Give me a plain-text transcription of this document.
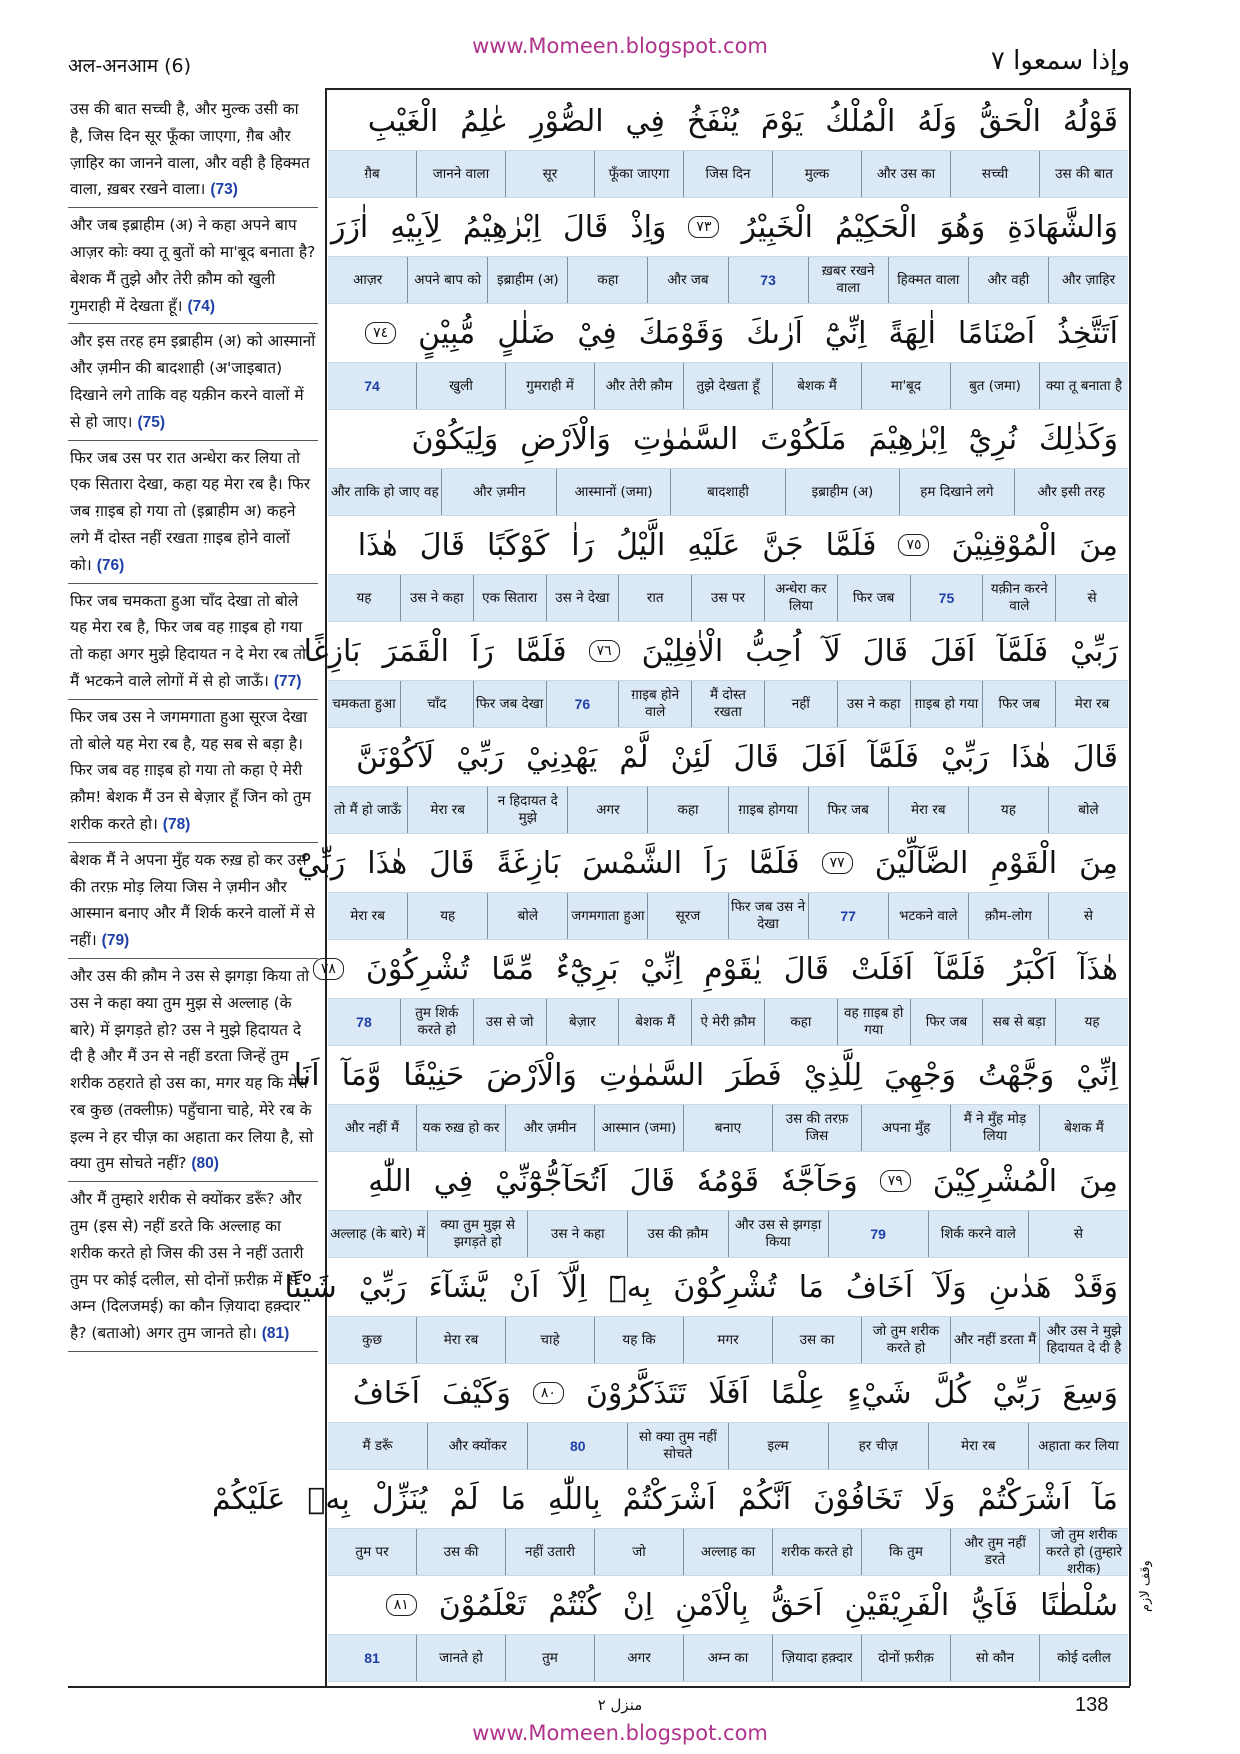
अल-अनआम (6)
www.Momeen.blogspot.com	وإذا سمعوا ٧
उस की बात सच्ची है, और मुल्क उसी का है, जिस दिन सूर फूँका जाएगा, ग़ैब और ज़ाहिर का जानने वाला, और वही है हिक्मत वाला, ख़बर रखने वाला। (73)
और जब इब्राहीम (अ) ने कहा अपने बाप आज़र कोः क्या तू बुतों को मा'बूद बनाता है? बेशक मैं तुझे और तेरी क़ौम को खुली गुमराही में देखता हूँ। (74)
और इस तरह हम इब्राहीम (अ) को आस्मानों और ज़मीन की बादशाही (अ'जाइबात) दिखाने लगे ताकि वह यक़ीन करने वालों में से हो जाए। (75)
फिर जब उस पर रात अन्धेरा कर लिया तो एक सितारा देखा, कहा यह मेरा रब है। फिर जब ग़ाइब हो गया तो (इब्राहीम अ) कहने लगे मैं दोस्त नहीं रखता ग़ाइब होने वालों को। (76)
फिर जब चमकता हुआ चाँद देखा तो बोले यह मेरा रब है, फिर जब वह ग़ाइब हो गया तो कहा अगर मुझे हिदायत न दे मेरा रब तो मैं भटकने वाले लोगों में से हो जाऊँ। (77)
फिर जब उस ने जगमगाता हुआ सूरज देखा तो बोले यह मेरा रब है, यह सब से बड़ा है। फिर जब वह ग़ाइब हो गया तो कहा ऐ मेरी क़ौम! बेशक मैं उन से बेज़ार हूँ जिन को तुम शरीक करते हो। (78)
बेशक मैं ने अपना मुँह यक रुख़ हो कर उस की तरफ़ मोड़ लिया जिस ने ज़मीन और आस्मान बनाए और मैं शिर्क करने वालों में से नहीं। (79)
और उस की क़ौम ने उस से झगड़ा किया तो उस ने कहा क्या तुम मुझ से अल्लाह (के बारे) में झगड़ते हो? उस ने मुझे हिदायत दे दी है और मैं उन से नहीं डरता जिन्हें तुम शरीक ठहराते हो उस का, मगर यह कि मेरा रब कुछ (तक्लीफ़) पहुँचाना चाहे, मेरे रब के इल्म ने हर चीज़ का अहाता कर लिया है, सो क्या तुम सोचते नहीं? (80)
और मैं तुम्हारे शरीक से क्योंकर डरूँ? और तुम (इस से) नहीं डरते कि अल्लाह का शरीक करते हो जिस की उस ने नहीं उतारी तुम पर कोई दलील, सो दोनों फ़रीक़ में से अम्न (दिलजमई) का कौन ज़ियादा हक़्दार है? (बताओ) अगर तुम जानते हो। (81)
قَوْلُهُ
الْحَقُّ
وَلَهُ
الْمُلْكُ
يَوْمَ
يُنْفَخُ
فِي
الصُّوْرِ
عٰلِمُ
الْغَيْبِ
उस की बात
सच्ची
और उस का
मुल्क
जिस दिन
फूँका जाएगा
सूर
जानने वाला
ग़ैब
وَالشَّهَادَةِ
وَهُوَ
الْحَكِيْمُ
الْخَبِيْرُ
٧٣
وَاِذْ
قَالَ
اِبْرٰهِيْمُ
لِاَبِيْهِ
اٰزَرَ
और ज़ाहिर
और वही
हिक्मत वाला
ख़बर रखने वाला
73
और जब
कहा
इब्राहीम (अ)
अपने बाप को
आज़र
اَتَتَّخِذُ
اَصْنَامًا
اٰلِهَةً
اِنِّيْٓ
اَرٰىكَ
وَقَوْمَكَ
فِيْ
ضَلٰلٍ
مُّبِيْنٍ
٧٤
क्या तू बनाता है
बुत (जमा)
मा'बूद
बेशक मैं
तुझे देखता हूँ
और तेरी क़ौम
गुमराही में
खुली
74
وَكَذٰلِكَ
نُرِيْٓ
اِبْرٰهِيْمَ
مَلَكُوْتَ
السَّمٰوٰتِ
وَالْاَرْضِ
وَلِيَكُوْنَ
और इसी तरह
हम दिखाने लगे
इब्राहीम (अ)
बादशाही
आस्मानों (जमा)
और ज़मीन
और ताकि हो जाए वह
مِنَ
الْمُوْقِنِيْنَ
٧٥
فَلَمَّا
جَنَّ
عَلَيْهِ
الَّيْلُ
رَاٰ
كَوْكَبًا
قَالَ
هٰذَا
से
यक़ीन करने वाले
75
फिर जब
अन्धेरा कर लिया
उस पर
रात
उस ने देखा
एक सितारा
उस ने कहा
यह
رَبِّيْ
فَلَمَّآ
اَفَلَ
قَالَ
لَآ
اُحِبُّ
الْاٰفِلِيْنَ
٧٦
فَلَمَّا
رَاَ
الْقَمَرَ
بَازِغًا
मेरा रब
फिर जब
ग़ाइब हो गया
उस ने कहा
नहीं
मैं दोस्त रखता
ग़ाइब होने वाले
76
फिर जब देखा
चाँद
चमकता हुआ
قَالَ
هٰذَا
رَبِّيْ
فَلَمَّآ
اَفَلَ
قَالَ
لَئِنْ
لَّمْ
يَهْدِنِيْ
رَبِّيْ
لَاَكُوْنَنَّ
बोले
यह
मेरा रब
फिर जब
ग़ाइब होगया
कहा
अगर
न हिदायत दे मुझे
मेरा रब
तो मैं हो जाऊँ
مِنَ
الْقَوْمِ
الضَّآلِّيْنَ
٧٧
فَلَمَّا
رَاَ
الشَّمْسَ
بَازِغَةً
قَالَ
هٰذَا
رَبِّيْ
से
क़ौम-लोग
भटकने वाले
77
फिर जब उस ने देखा
सूरज
जगमगाता हुआ
बोले
यह
मेरा रब
هٰذَآ
اَكْبَرُ
فَلَمَّآ
اَفَلَتْ
قَالَ
يٰقَوْمِ
اِنِّيْ
بَرِيْٓءٌ
مِّمَّا
تُشْرِكُوْنَ
٧٨
यह
सब से बड़ा
फिर जब
वह ग़ाइब हो गया
कहा
ऐ मेरी क़ौम
बेशक मैं
बेज़ार
उस से जो
तुम शिर्क करते हो
78
اِنِّيْ
وَجَّهْتُ
وَجْهِيَ
لِلَّذِيْ
فَطَرَ
السَّمٰوٰتِ
وَالْاَرْضَ
حَنِيْفًا
وَّمَآ
اَنَا
बेशक मैं
मैं ने मुँह मोड़ लिया
अपना मुँह
उस की तरफ़ जिस
बनाए
आस्मान (जमा)
और ज़मीन
यक रुख़ हो कर
और नहीं मैं
مِنَ
الْمُشْرِكِيْنَ
٧٩
وَحَآجَّهٗ
قَوْمُهٗ
قَالَ
اَتُحَآجُّوْٓنِّيْ
فِي
اللّٰهِ
से
शिर्क करने वाले
79
और उस से झगड़ा किया
उस की क़ौम
उस ने कहा
क्या तुम मुझ से झगड़ते हो
अल्लाह (के बारे) में
وَقَدْ
هَدٰىنِ
وَلَآ
اَخَافُ
مَا
تُشْرِكُوْنَ
بِهٖٓ
اِلَّآ
اَنْ
يَّشَآءَ
رَبِّيْ
شَيْئًا
और उस ने मुझे हिदायत दे दी है
और नहीं डरता मैं
जो तुम शरीक करते हो
उस का
मगर
यह कि
चाहे
मेरा रब
कुछ
وَسِعَ
رَبِّيْ
كُلَّ
شَيْءٍ
عِلْمًا
اَفَلَا
تَتَذَكَّرُوْنَ
٨٠
وَكَيْفَ
اَخَافُ
अहाता कर लिया
मेरा रब
हर चीज़
इल्म
सो क्या तुम नहीं सोचते
80
और क्योंकर
मैं डरूँ
مَآ
اَشْرَكْتُمْ
وَلَا
تَخَافُوْنَ
اَنَّكُمْ
اَشْرَكْتُمْ
بِاللّٰهِ
مَا
لَمْ
يُنَزِّلْ
بِهٖ
عَلَيْكُمْ
जो तुम शरीक करते हो (तुम्हारे शरीक)
और तुम नहीं डरते
कि तुम
शरीक करते हो
अल्लाह का
जो
नहीं उतारी
उस की
तुम पर
سُلْطٰنًا
فَاَيُّ
الْفَرِيْقَيْنِ
اَحَقُّ
بِالْاَمْنِ
اِنْ
كُنْتُمْ
تَعْلَمُوْنَ
٨١
कोई दलील
सो कौन
दोनों फ़रीक़
ज़ियादा हक़्दार
अम्न का
अगर
तुम
जानते हो
81
وقف لازم
منزل ٢	138
www.Momeen.blogspot.com
